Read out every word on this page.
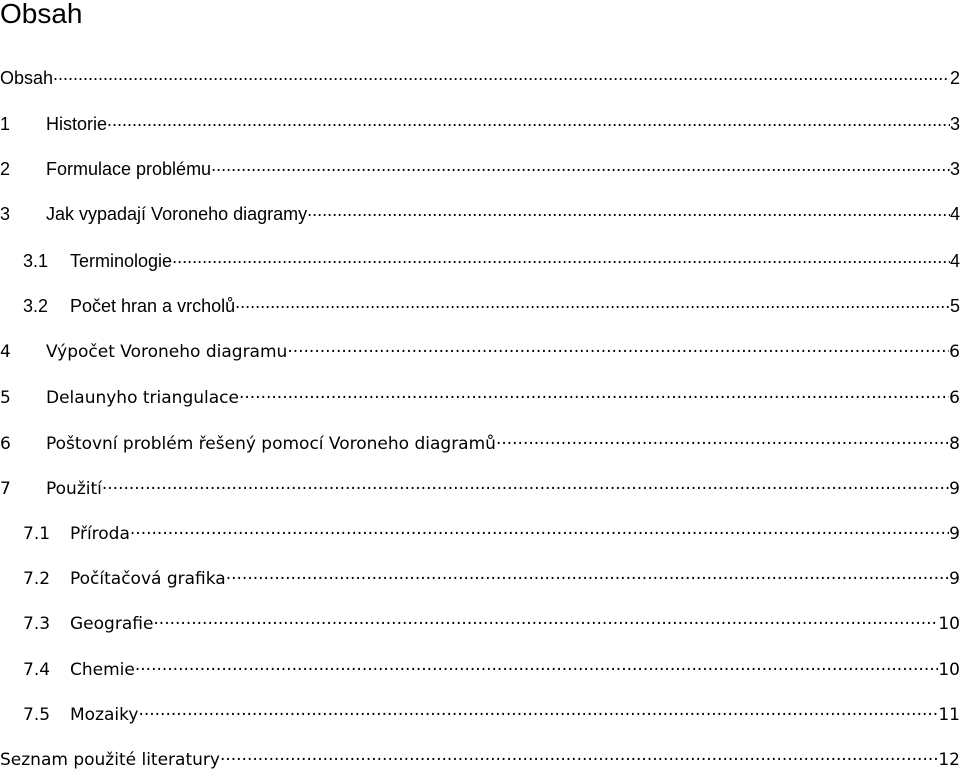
Obsah
Obsah .....	2
1	Historie .....	3
2	Formulace problému .....	3
3	Jak vypadají Voroneho diagramy .....	4
3.1	Terminologie .....	4
3.2	Počet hran a vrcholů .....	5
4	Výpočet Voroneho diagramu .....	6
5	Delaunyho triangulace .....	6
6	Poštovní problém řešený pomocí Voroneho diagramů .....	8
7	Použití .....	9
7.1	Příroda .....	9
7.2	Počítačová grafika .....	9
7.3	Geografie .....	10
7.4	Chemie .....	10
7.5	Mozaiky .....	11
Seznam použité literatury .....	12
